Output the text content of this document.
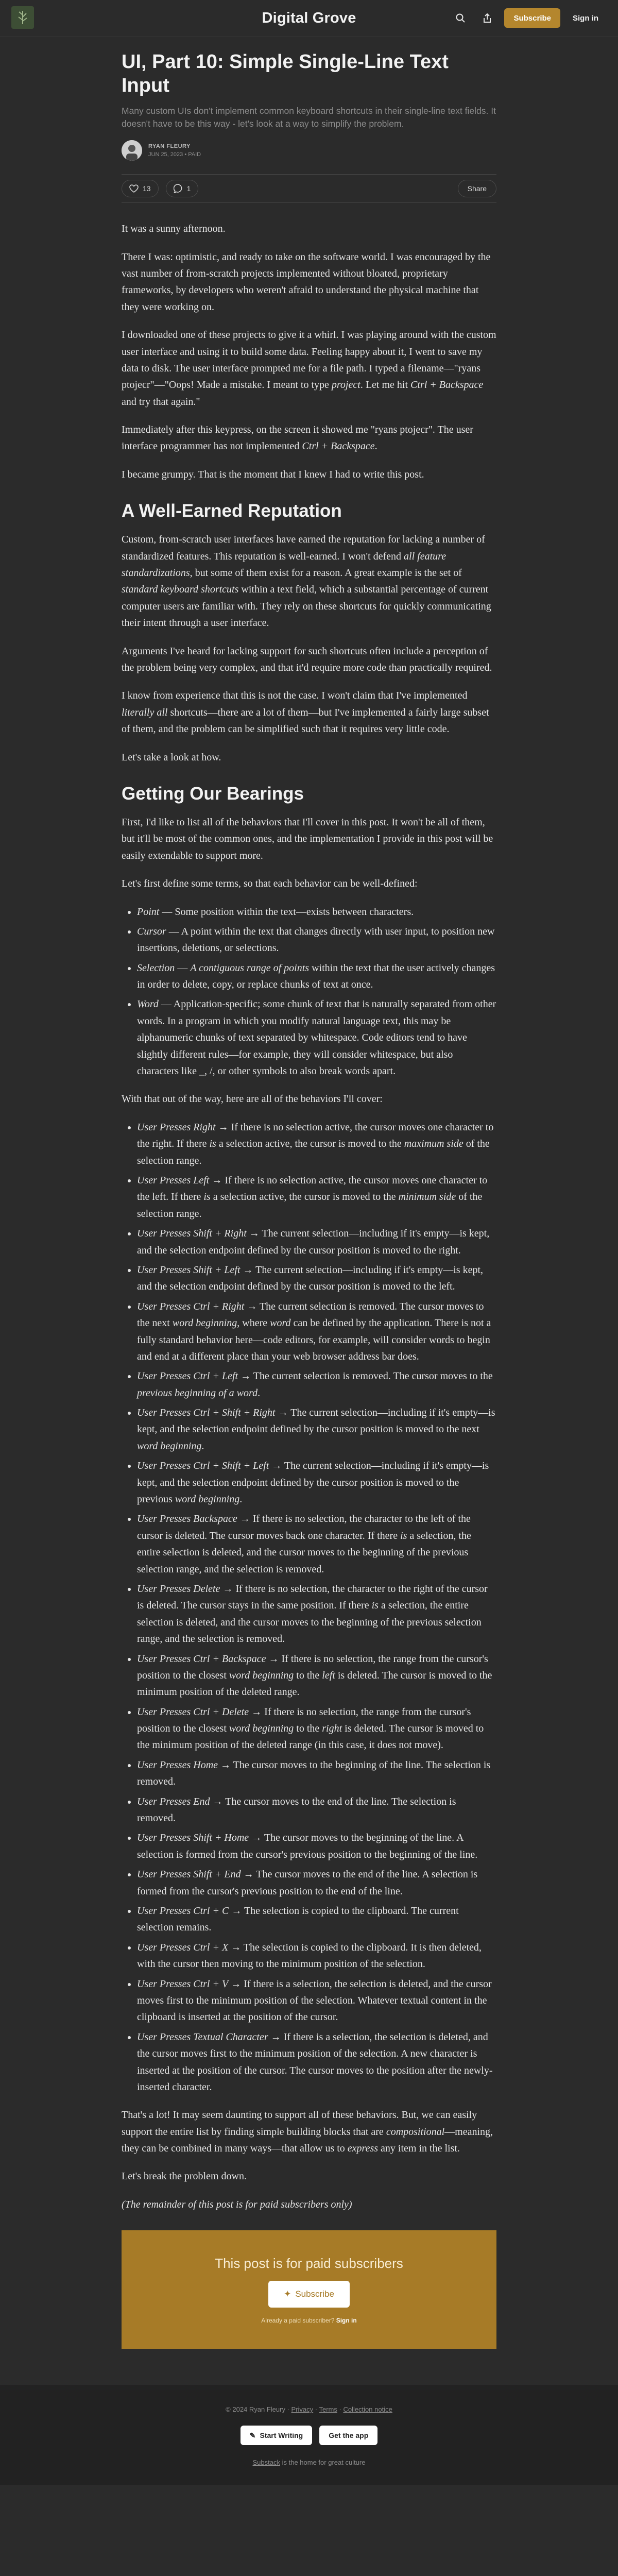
Digital Grove	Subscribe	Sign in
UI, Part 10: Simple Single-Line Text Input
Many custom UIs don't implement common keyboard shortcuts in their single-line text fields. It doesn't have to be this way - let's look at a way to simplify the problem.
RYAN FLEURY
JUN 25, 2023 • PAID
13	1	Share

It was a sunny afternoon.

There I was: optimistic, and ready to take on the software world. I was encouraged by the vast number of from-scratch projects implemented without bloated, proprietary frameworks, by developers who weren't afraid to understand the physical machine that they were working on.

I downloaded one of these projects to give it a whirl. I was playing around with the custom user interface and using it to build some data. Feeling happy about it, I went to save my data to disk. The user interface prompted me for a file path. I typed a filename—"ryans ptojecr"—"Oops! Made a mistake. I meant to type project. Let me hit Ctrl + Backspace and try that again."

Immediately after this keypress, on the screen it showed me "ryans ptojecr". The user interface programmer has not implemented Ctrl + Backspace.

I became grumpy. That is the moment that I knew I had to write this post.

A Well-Earned Reputation

Custom, from-scratch user interfaces have earned the reputation for lacking a number of standardized features. This reputation is well-earned. I won't defend all feature standardizations, but some of them exist for a reason. A great example is the set of standard keyboard shortcuts within a text field, which a substantial percentage of current computer users are familiar with. They rely on these shortcuts for quickly communicating their intent through a user interface.

Arguments I've heard for lacking support for such shortcuts often include a perception of the problem being very complex, and that it'd require more code than practically required.

I know from experience that this is not the case. I won't claim that I've implemented literally all shortcuts—there are a lot of them—but I've implemented a fairly large subset of them, and the problem can be simplified such that it requires very little code.

Let's take a look at how.

Getting Our Bearings

First, I'd like to list all of the behaviors that I'll cover in this post. It won't be all of them, but it'll be most of the common ones, and the implementation I provide in this post will be easily extendable to support more.

Let's first define some terms, so that each behavior can be well-defined:

• Point — Some position within the text—exists between characters.
• Cursor — A point within the text that changes directly with user input, to position new insertions, deletions, or selections.
• Selection — A contiguous range of points within the text that the user actively changes in order to delete, copy, or replace chunks of text at once.
• Word — Application-specific; some chunk of text that is naturally separated from other words. In a program in which you modify natural language text, this may be alphanumeric chunks of text separated by whitespace. Code editors tend to have slightly different rules—for example, they will consider whitespace, but also characters like _, /, or other symbols to also break words apart.

With that out of the way, here are all of the behaviors I'll cover:

• User Presses Right → If there is no selection active, the cursor moves one character to the right. If there is a selection active, the cursor is moved to the maximum side of the selection range.
• User Presses Left → If there is no selection active, the cursor moves one character to the left. If there is a selection active, the cursor is moved to the minimum side of the selection range.
• User Presses Shift + Right → The current selection—including if it's empty—is kept, and the selection endpoint defined by the cursor position is moved to the right.
• User Presses Shift + Left → The current selection—including if it's empty—is kept, and the selection endpoint defined by the cursor position is moved to the left.
• User Presses Ctrl + Right → The current selection is removed. The cursor moves to the next word beginning, where word can be defined by the application. There is not a fully standard behavior here—code editors, for example, will consider words to begin and end at a different place than your web browser address bar does.
• User Presses Ctrl + Left → The current selection is removed. The cursor moves to the previous beginning of a word.
• User Presses Ctrl + Shift + Right → The current selection—including if it's empty—is kept, and the selection endpoint defined by the cursor position is moved to the next word beginning.
• User Presses Ctrl + Shift + Left → The current selection—including if it's empty—is kept, and the selection endpoint defined by the cursor position is moved to the previous word beginning.
• User Presses Backspace → If there is no selection, the character to the left of the cursor is deleted. The cursor moves back one character. If there is a selection, the entire selection is deleted, and the cursor moves to the beginning of the previous selection range, and the selection is removed.
• User Presses Delete → If there is no selection, the character to the right of the cursor is deleted. The cursor stays in the same position. If there is a selection, the entire selection is deleted, and the cursor moves to the beginning of the previous selection range, and the selection is removed.
• User Presses Ctrl + Backspace → If there is no selection, the range from the cursor's position to the closest word beginning to the left is deleted. The cursor is moved to the minimum position of the deleted range.
• User Presses Ctrl + Delete → If there is no selection, the range from the cursor's position to the closest word beginning to the right is deleted. The cursor is moved to the minimum position of the deleted range (in this case, it does not move).
• User Presses Home → The cursor moves to the beginning of the line. The selection is removed.
• User Presses End → The cursor moves to the end of the line. The selection is removed.
• User Presses Shift + Home → The cursor moves to the beginning of the line. A selection is formed from the cursor's previous position to the beginning of the line.
• User Presses Shift + End → The cursor moves to the end of the line. A selection is formed from the cursor's previous position to the end of the line.
• User Presses Ctrl + C → The selection is copied to the clipboard. The current selection remains.
• User Presses Ctrl + X → The selection is copied to the clipboard. It is then deleted, with the cursor then moving to the minimum position of the selection.
• User Presses Ctrl + V → If there is a selection, the selection is deleted, and the cursor moves first to the minimum position of the selection. Whatever textual content in the clipboard is inserted at the position of the cursor.
• User Presses Textual Character → If there is a selection, the selection is deleted, and the cursor moves first to the minimum position of the selection. A new character is inserted at the position of the cursor. The cursor moves to the position after the newly-inserted character.

That's a lot! It may seem daunting to support all of these behaviors. But, we can easily support the entire list by finding simple building blocks that are compositional—meaning, they can be combined in many ways—that allow us to express any item in the list.

Let's break the problem down.

(The remainder of this post is for paid subscribers only)

This post is for paid subscribers
✦ Subscribe
Already a paid subscriber? Sign in
© 2024 Ryan Fleury · Privacy · Terms · Collection notice
✎ Start Writing	Get the app
Substack is the home for great culture
